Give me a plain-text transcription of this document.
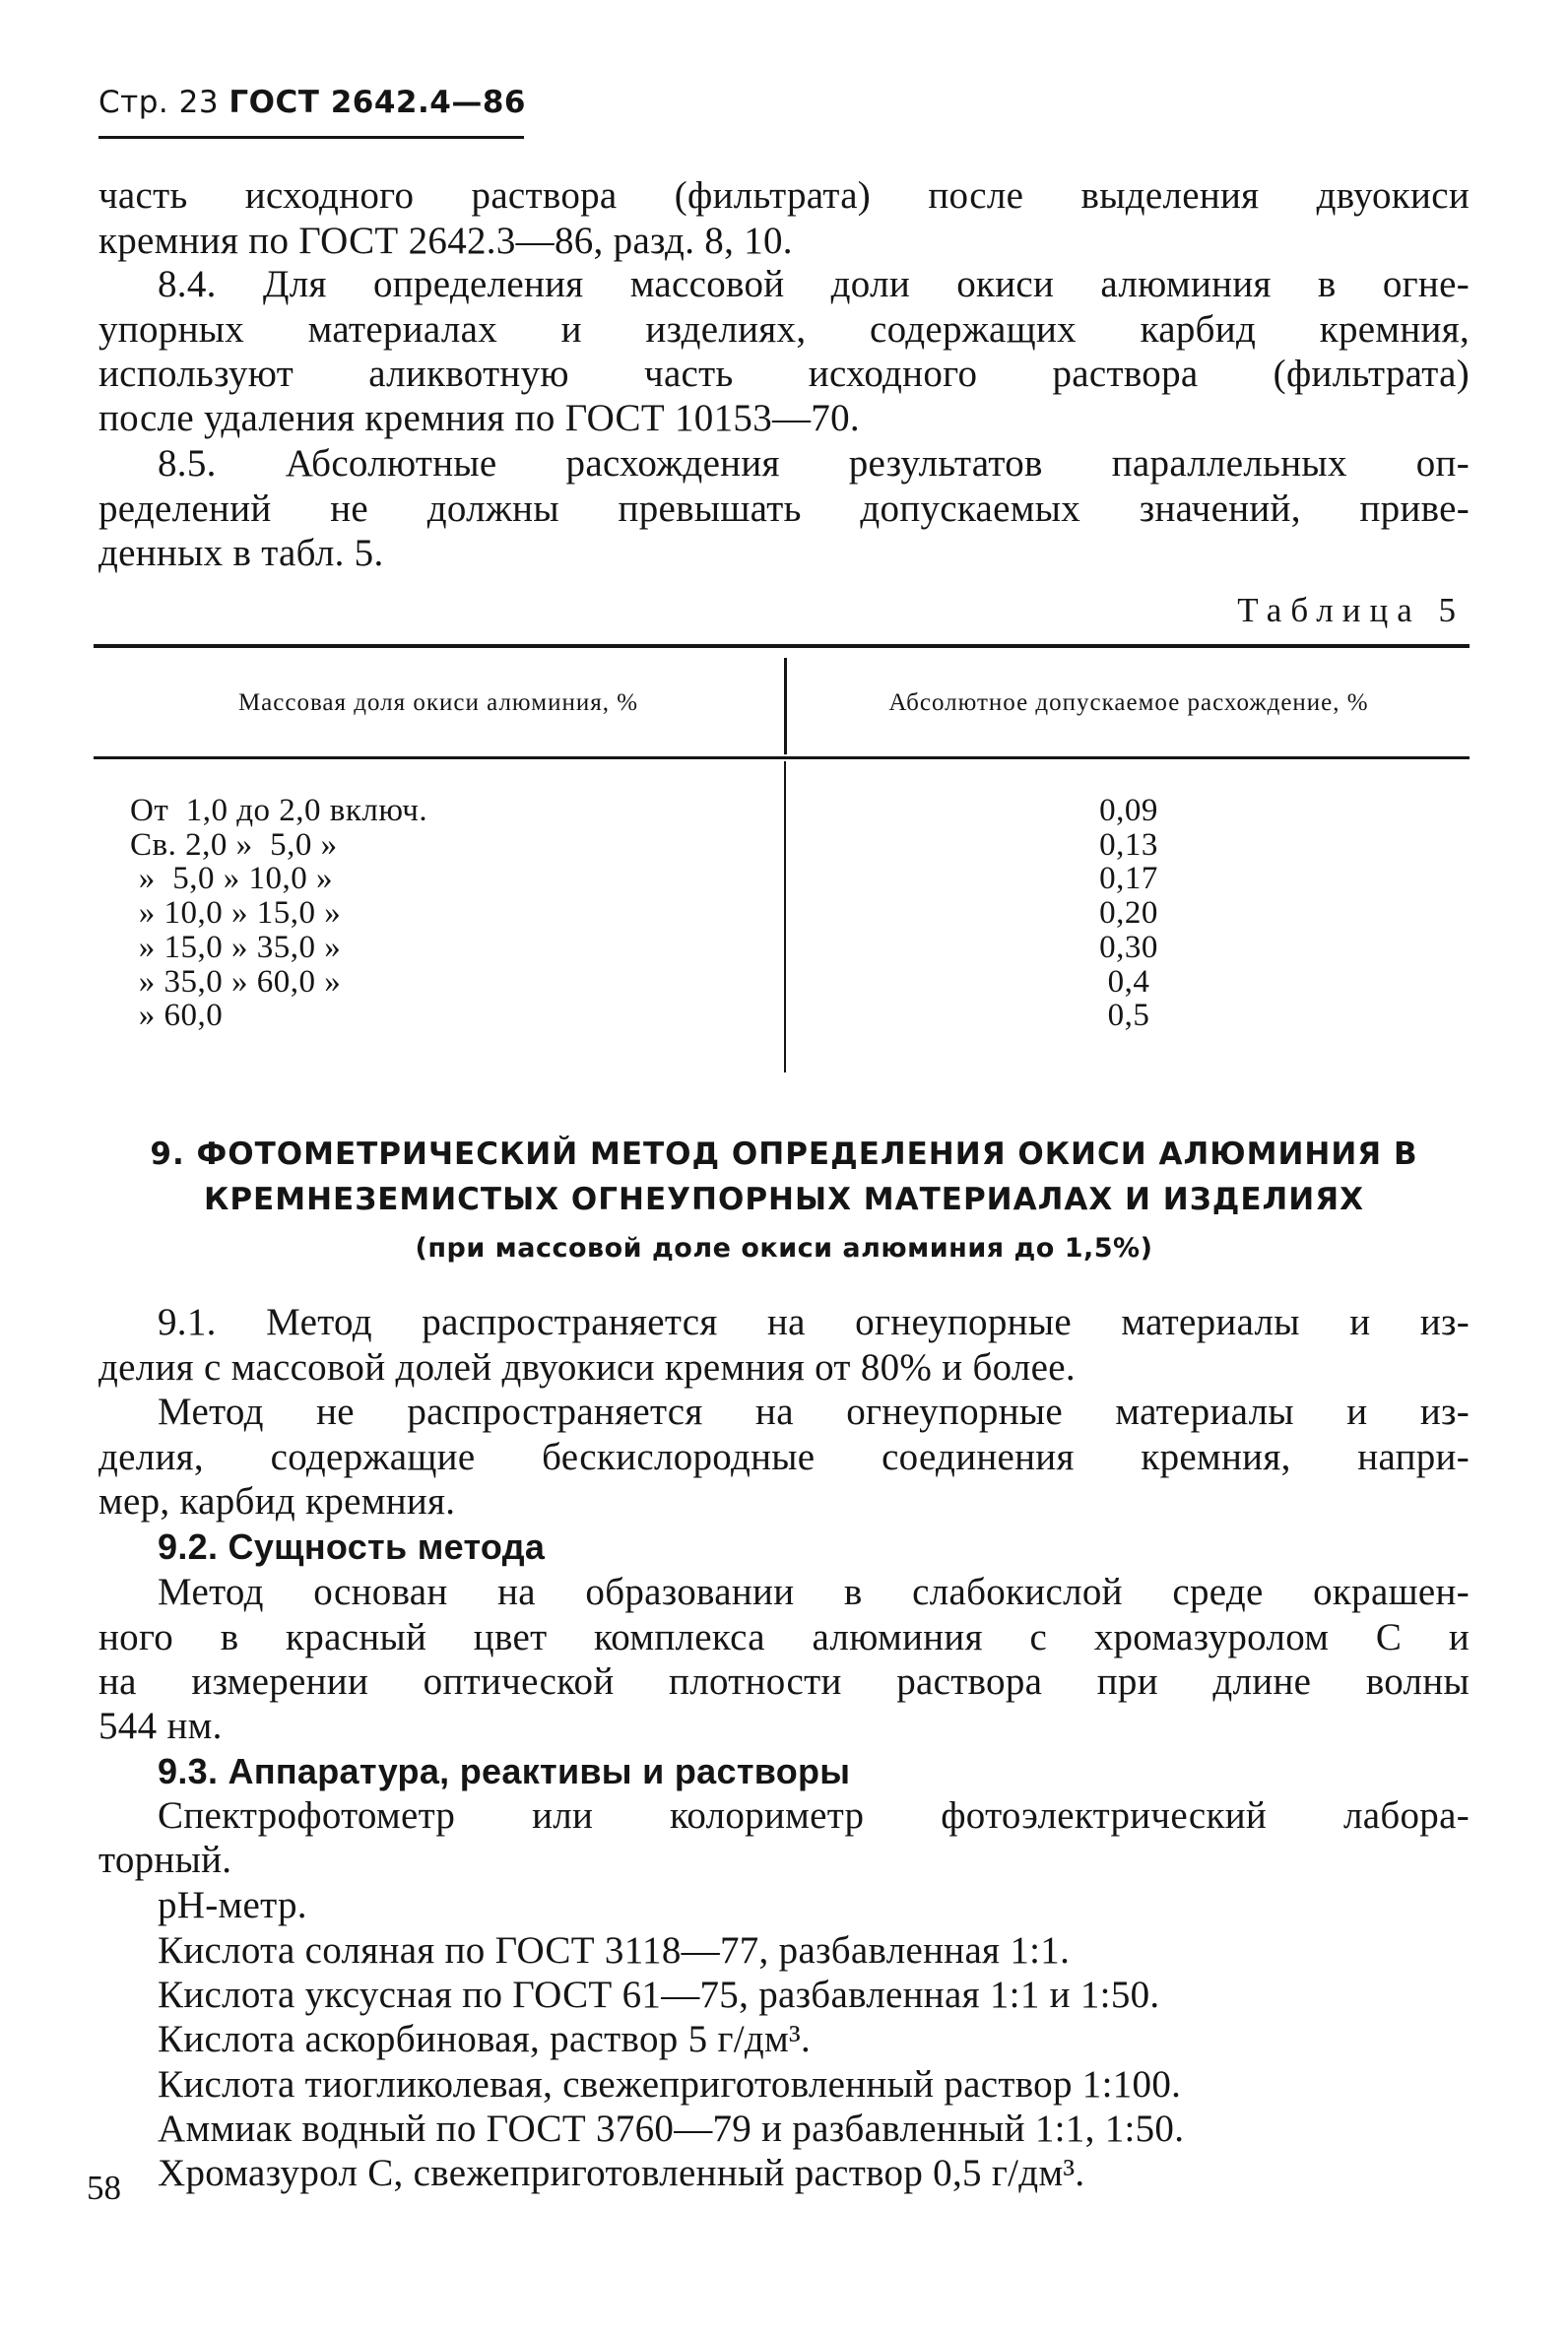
Стр. 23 ГОСТ 2642.4—86
часть исходного раствора (фильтрата) после выделения двуокиси
кремния по ГОСТ 2642.3—86, разд. 8, 10.
8.4. Для определения массовой доли окиси алюминия в огне-
упорных материалах и изделиях, содержащих карбид кремния,
используют аликвотную часть исходного раствора (фильтрата)
после удаления кремния по ГОСТ 10153—70.
8.5. Абсолютные расхождения результатов параллельных оп-
ределений не должны превышать допускаемых значений, приве-
денных в табл. 5.
Таблица 5
Массовая доля окиси алюминия, %	Абсолютное допускаемое расхождение, %
От  1,0 до 2,0 включ.
Св. 2,0 »  5,0 »
»  5,0 » 10,0 »
» 10,0 » 15,0 »
» 15,0 » 35,0 »
» 35,0 » 60,0 »
» 60,0
0,09
0,13
0,17
0,20
0,30
0,4
0,5
9. ФОТОМЕТРИЧЕСКИЙ МЕТОД ОПРЕДЕЛЕНИЯ ОКИСИ АЛЮМИНИЯ В
КРЕМНЕЗЕМИСТЫХ ОГНЕУПОРНЫХ МАТЕРИАЛАХ И ИЗДЕЛИЯХ
(при массовой доле окиси алюминия до 1,5%)
9.1. Метод распространяется на огнеупорные материалы и из-
делия с массовой долей двуокиси кремния от 80% и более.
Метод не распространяется на огнеупорные материалы и из-
делия, содержащие бескислородные соединения кремния, напри-
мер, карбид кремния.
9.2. Сущность метода
Метод основан на образовании в слабокислой среде окрашен-
ного в красный цвет комплекса алюминия с хромазуролом С и
на измерении оптической плотности раствора при длине волны
544 нм.
9.3. Аппаратура, реактивы и растворы
Спектрофотометр или колориметр фотоэлектрический лабора-
торный.
pH-метр.
Кислота соляная по ГОСТ 3118—77, разбавленная 1:1.
Кислота уксусная по ГОСТ 61—75, разбавленная 1:1 и 1:50.
Кислота аскорбиновая, раствор 5 г/дм³.
Кислота тиогликолевая, свежеприготовленный раствор 1:100.
Аммиак водный по ГОСТ 3760—79 и разбавленный 1:1, 1:50.
Хромазурол С, свежеприготовленный раствор 0,5 г/дм³.
58
